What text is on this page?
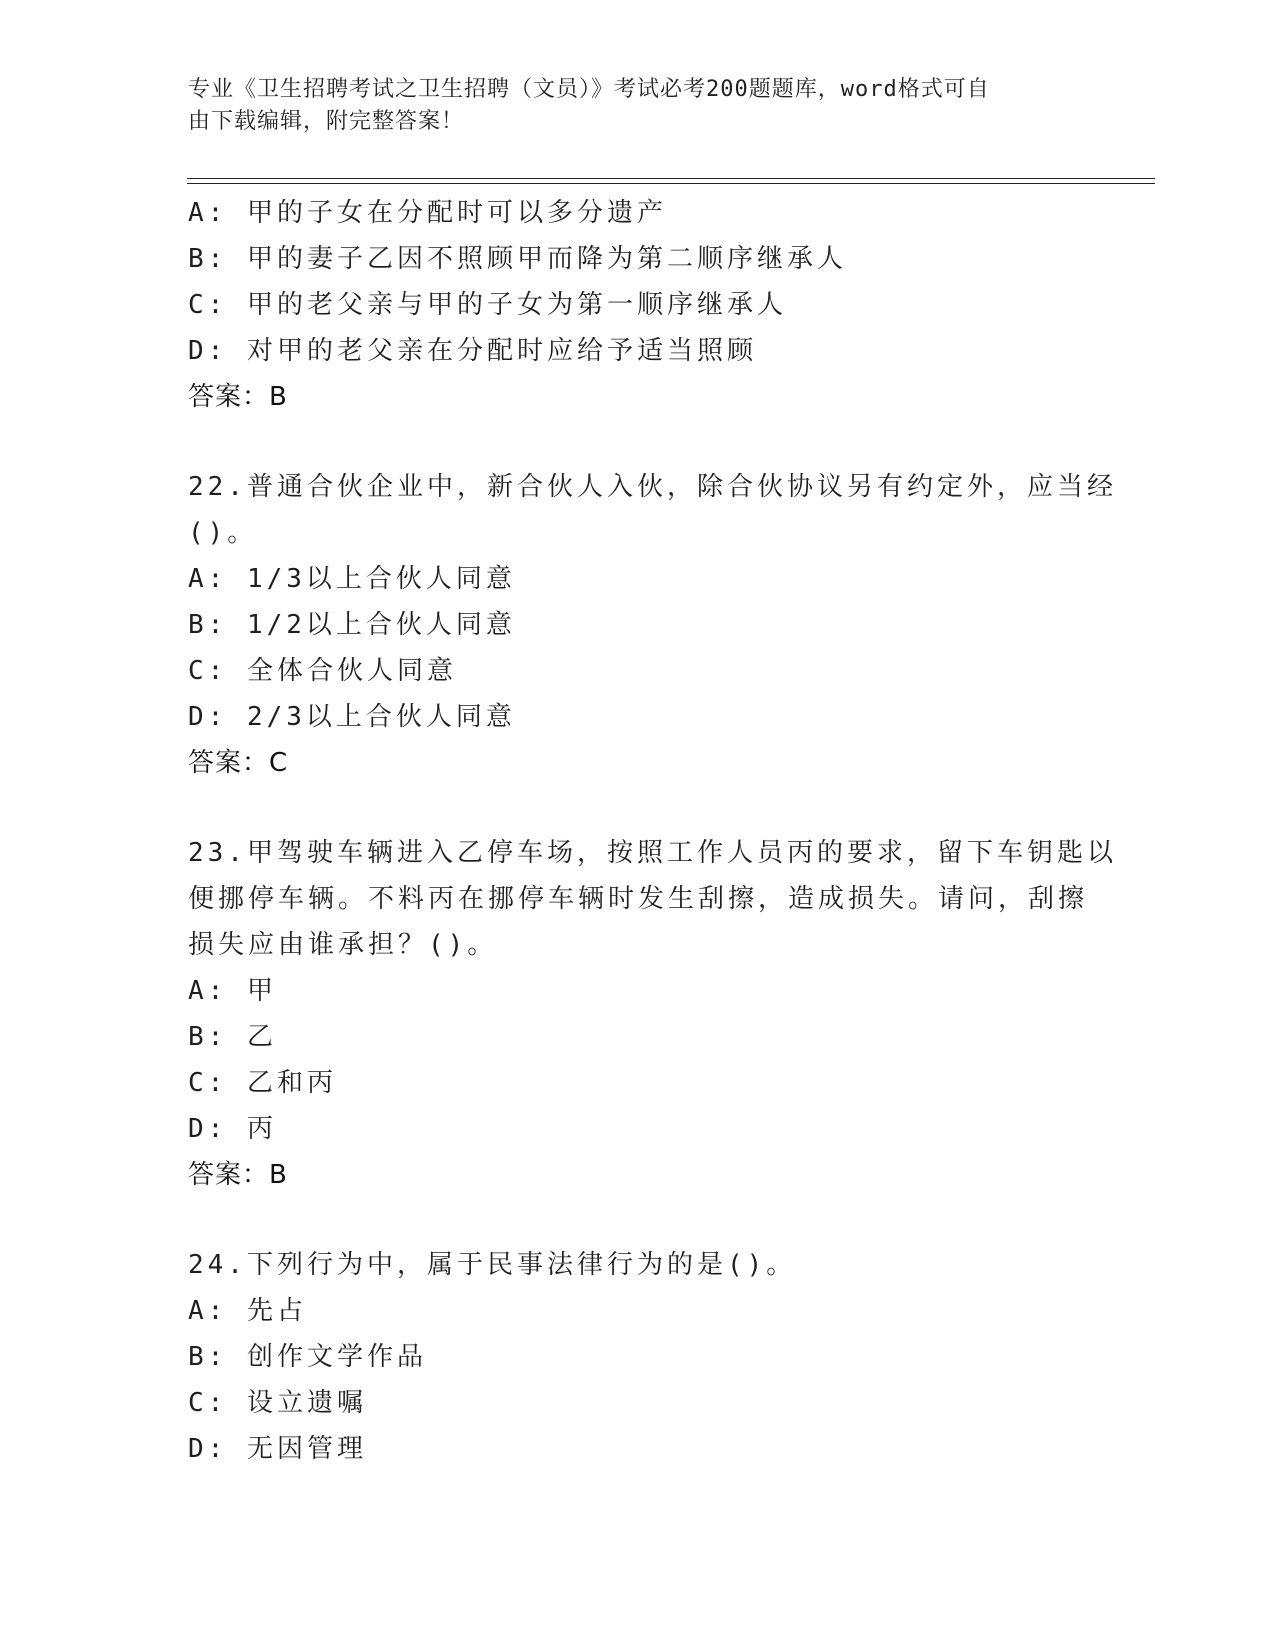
专业《卫生招聘考试之卫生招聘（文员）》考试必考200题题库，word格式可自
由下载编辑，附完整答案！
A: 甲的子女在分配时可以多分遗产
B: 甲的妻子乙因不照顾甲而降为第二顺序继承人
C: 甲的老父亲与甲的子女为第一顺序继承人
D: 对甲的老父亲在分配时应给予适当照顾
答案：B
22.普通合伙企业中，新合伙人入伙，除合伙协议另有约定外，应当经
()。
A: 1/3以上合伙人同意
B: 1/2以上合伙人同意
C: 全体合伙人同意
D: 2/3以上合伙人同意
答案：C
23.甲驾驶车辆进入乙停车场，按照工作人员丙的要求，留下车钥匙以
便挪停车辆。不料丙在挪停车辆时发生刮擦，造成损失。请问，刮擦
损失应由谁承担？()。
A: 甲
B: 乙
C: 乙和丙
D: 丙
答案：B
24.下列行为中，属于民事法律行为的是()。
A: 先占
B: 创作文学作品
C: 设立遗嘱
D: 无因管理
